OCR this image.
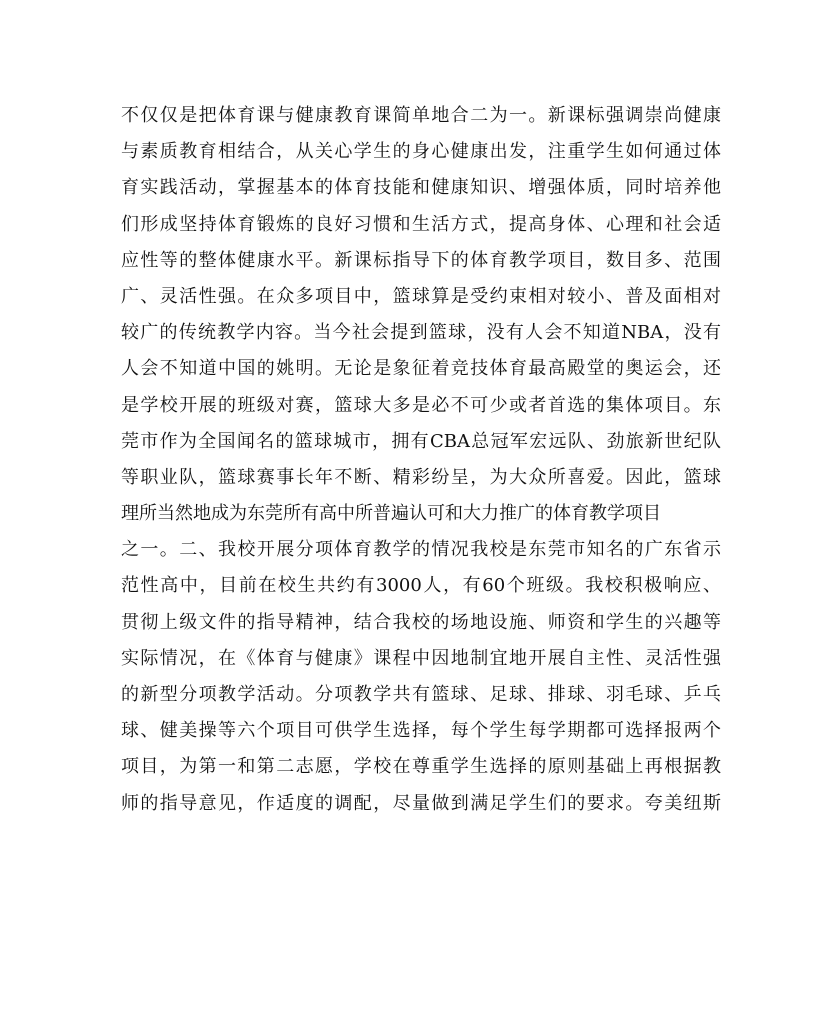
不仅仅是把体育课与健康教育课简单地合二为一。新课标强调崇尚健康
与素质教育相结合，从关心学生的身心健康出发，注重学生如何通过体
育实践活动，掌握基本的体育技能和健康知识、增强体质，同时培养他
们形成坚持体育锻炼的良好习惯和生活方式，提高身体、心理和社会适
应性等的整体健康水平。新课标指导下的体育教学项目，数目多、范围
广、灵活性强。在众多项目中，篮球算是受约束相对较小、普及面相对
较广的传统教学内容。当今社会提到篮球，没有人会不知道NBA，没有
人会不知道中国的姚明。无论是象征着竞技体育最高殿堂的奥运会，还
是学校开展的班级对赛，篮球大多是必不可少或者首选的集体项目。东
莞市作为全国闻名的篮球城市，拥有CBA总冠军宏远队、劲旅新世纪队
等职业队，篮球赛事长年不断、精彩纷呈，为大众所喜爱。因此，篮球
理所当然地成为东莞所有高中所普遍认可和大力推广的体育教学项目
之一。二、我校开展分项体育教学的情况我校是东莞市知名的广东省示
范性高中，目前在校生共约有3000人，有60个班级。我校积极响应、
贯彻上级文件的指导精神，结合我校的场地设施、师资和学生的兴趣等
实际情况，在《体育与健康》课程中因地制宜地开展自主性、灵活性强
的新型分项教学活动。分项教学共有篮球、足球、排球、羽毛球、乒乓
球、健美操等六个项目可供学生选择，每个学生每学期都可选择报两个
项目，为第一和第二志愿，学校在尊重学生选择的原则基础上再根据教
师的指导意见，作适度的调配，尽量做到满足学生们的要求。夸美纽斯
